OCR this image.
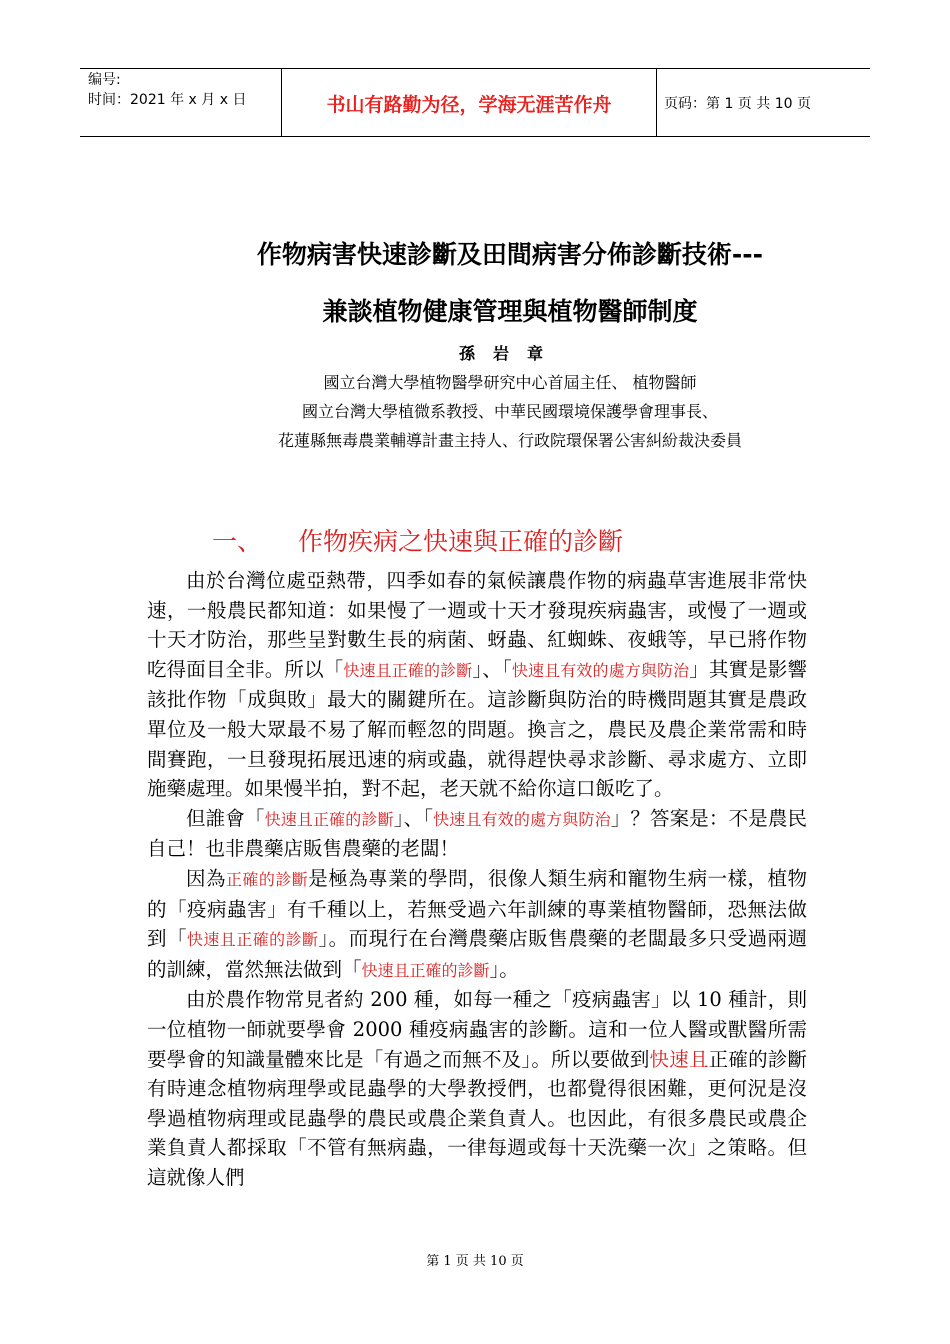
编号:
时间：2021 年 x 月 x 日	书山有路勤为径，学海无涯苦作舟	页码：第 1 页 共 10 页
作物病害快速診斷及田間病害分佈診斷技術---
兼談植物健康管理與植物醫師制度
孫岩章
國立台灣大學植物醫學研究中心首屆主任、 植物醫師
國立台灣大學植微系教授、中華民國環境保護學會理事長、
花蓮縣無毒農業輔導計畫主持人、行政院環保署公害糾紛裁決委員
一、 作物疾病之快速與正確的診斷

由於台灣位處亞熱帶，四季如春的氣候讓農作物的病蟲草害進展非常快速，一般農民都知道：如果慢了一週或十天才發現疾病蟲害，或慢了一週或十天才防治，那些呈對數生長的病菌、蚜蟲、紅蜘蛛、夜蛾等，早已將作物吃得面目全非。所以「快速且正確的診斷」、「快速且有效的處方與防治」其實是影響該批作物「成與敗」最大的關鍵所在。這診斷與防治的時機問題其實是農政單位及一般大眾最不易了解而輕忽的問題。換言之，農民及農企業常需和時間賽跑，一旦發現拓展迅速的病或蟲，就得趕快尋求診斷、尋求處方、立即施藥處理。如果慢半拍，對不起，老天就不給你這口飯吃了。

但誰會「快速且正確的診斷」、「快速且有效的處方與防治」？答案是：不是農民自己！也非農藥店販售農藥的老闆！

因為正確的診斷是極為專業的學問，很像人類生病和寵物生病一樣，植物的「疫病蟲害」有千種以上，若無受過六年訓練的專業植物醫師，恐無法做到「快速且正確的診斷」。而現行在台灣農藥店販售農藥的老闆最多只受過兩週的訓練，當然無法做到「快速且正確的診斷」。

由於農作物常見者約 200 種，如每一種之「疫病蟲害」以 10 種計，則一位植物一師就要學會 2000 種疫病蟲害的診斷。這和一位人醫或獸醫所需要學會的知識量體來比是「有過之而無不及」。所以要做到快速且正確的診斷有時連念植物病理學或昆蟲學的大學教授們，也都覺得很困難，更何況是沒學過植物病理或昆蟲學的農民或農企業負責人。也因此，有很多農民或農企業負責人都採取「不管有無病蟲，一律每週或每十天洗藥一次」之策略。但這就像人們

第 1 页 共 10 页
